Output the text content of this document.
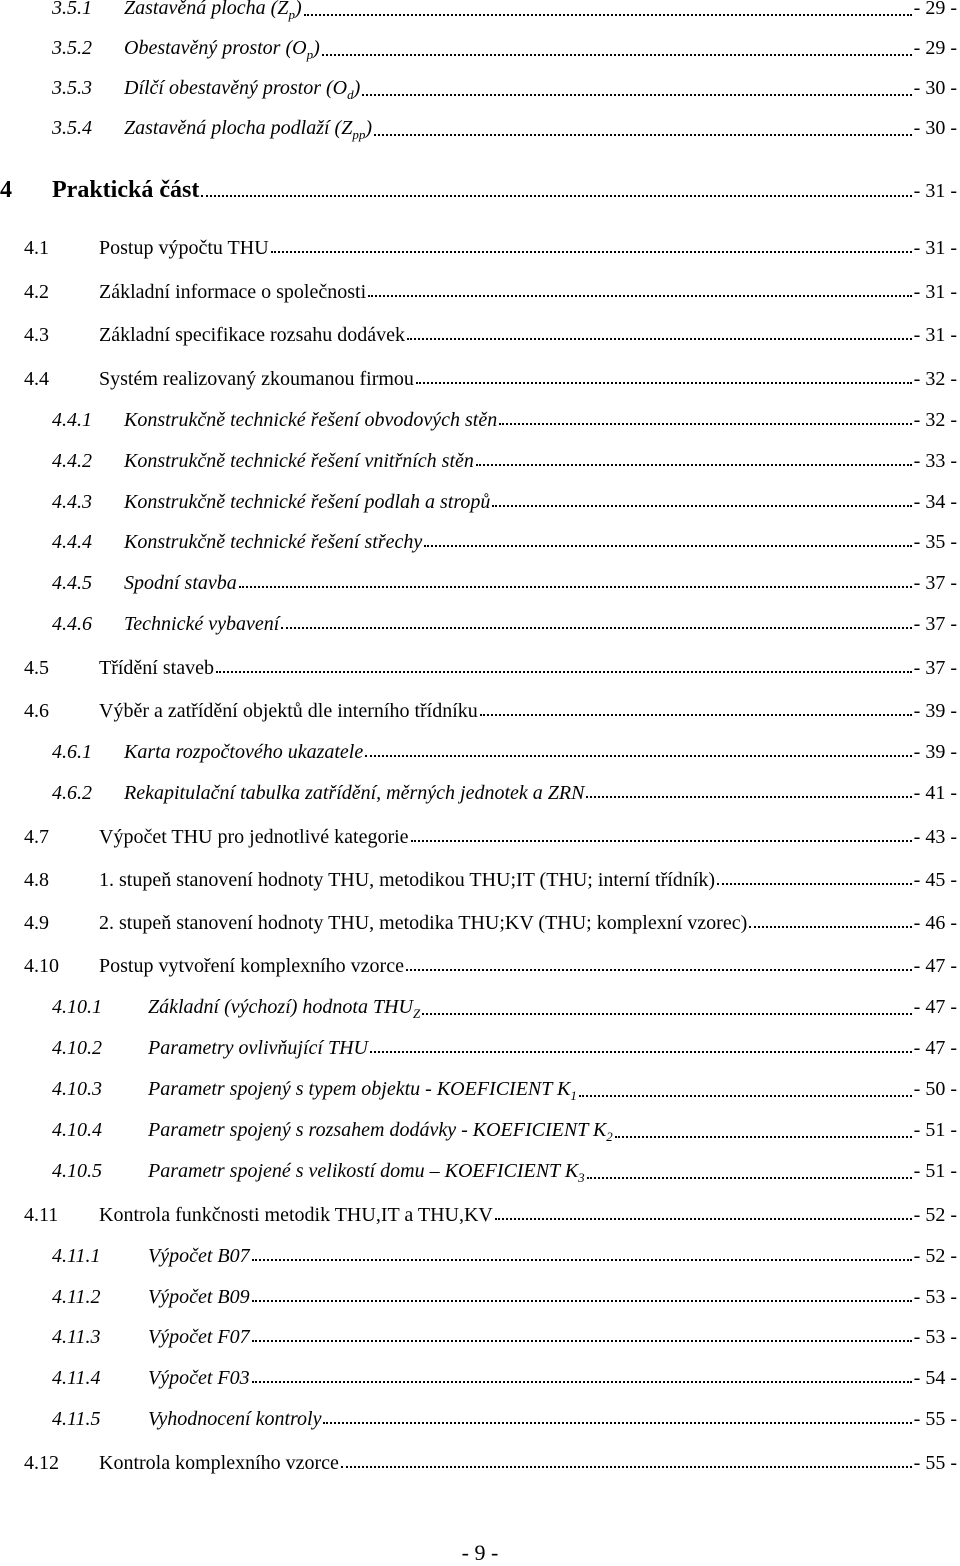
3.5.1 Zastavěná plocha $(Z_p)$	- 29 -
3.5.2 Obestavěný prostor $(O_p)$	- 29 -
3.5.3 Dílčí obestavěný prostor $(O_d)$	- 30 -
3.5.4 Zastavěná plocha podlaží $(Z_{pp})$	- 30 -
4 Praktická část	- 31 -
4.1	Postup výpočtu THU	- 31 -
4.2	Základní informace o společnosti	- 31 -
4.3	Základní specifikace rozsahu dodávek	- 31 -
4.4	Systém realizovaný zkoumanou firmou	- 32 -
4.4.1 Konstrukčně technické řešení obvodových stěn	- 32 -
4.4.2 Konstrukčně technické řešení vnitřních stěn	- 33 -
4.4.3 Konstrukčně technické řešení podlah a stropů	- 34 -
4.4.4 Konstrukčně technické řešení střechy	- 35 -
4.4.5 Spodní stavba	- 37 -
4.4.6 Technické vybavení	- 37 -
4.5	Třídění staveb	- 37 -
4.6	Výběr a zatřídění objektů dle interního třídníku	- 39 -
4.6.1 Karta rozpočtového ukazatele	- 39 -
4.6.2 Rekapitulační tabulka zatřídění, měrných jednotek a ZRN	- 41 -
4.7	Výpočet THU pro jednotlivé kategorie	- 43 -
4.8	1. stupeň stanovení hodnoty THU, metodikou THU;IT (THU; interní třídník)	- 45 -
4.9	2. stupeň stanovení hodnoty THU, metodika THU;KV (THU; komplexní vzorec)	- 46 -
4.10 Postup vytvoření komplexního vzorce	- 47 -
4.10.1 Základní (výchozí) hodnota $THU_Z$	- 47 -
4.10.2 Parametry ovlivňující THU	- 47 -
4.10.3 Parametr spojený s typem objektu - KOEFICIENT $K_1$	- 50 -
4.10.4 Parametr spojený s rozsahem dodávky - KOEFICIENT $K_2$	- 51 -
4.10.5 Parametr spojené s velikostí domu – KOEFICIENT $K_3$	- 51 -
4.11 Kontrola funkčnosti metodik THU,IT a THU,KV	- 52 -
4.11.1 Výpočet B07	- 52 -
4.11.2 Výpočet B09	- 53 -
4.11.3 Výpočet F07	- 53 -
4.11.4 Výpočet F03	- 54 -
4.11.5 Vyhodnocení kontroly	- 55 -
4.12 Kontrola komplexního vzorce	- 55 -
- 9 -
